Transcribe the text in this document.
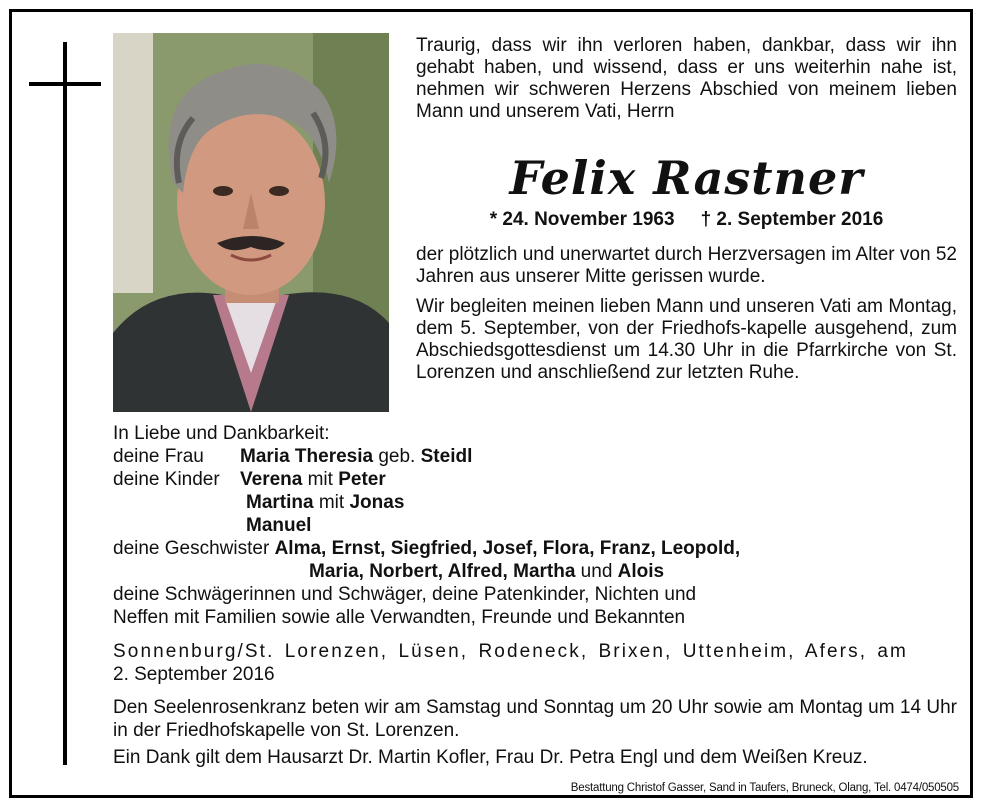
Traurig, dass wir ihn verloren haben, dankbar, dass wir ihn gehabt haben, und wissend, dass er uns weiterhin nahe ist, nehmen wir schweren Herzens Abschied von meinem lieben Mann und unserem Vati, Herrn
Felix Rastner
* 24. November 1963 † 2. September 2016
der plötzlich und unerwartet durch Herzversagen im Alter von 52 Jahren aus unserer Mitte gerissen wurde.
Wir begleiten meinen lieben Mann und unseren Vati am Montag, dem 5. September, von der Friedhofs-kapelle ausgehend, zum Abschiedsgottesdienst um 14.30 Uhr in die Pfarrkirche von St. Lorenzen und anschließend zur letzten Ruhe.
In Liebe und Dankbarkeit:
deine Frau	Maria Theresia geb. Steidl
deine Kinder	Verena mit Peter
Martina mit Jonas
Manuel
deine Geschwister Alma, Ernst, Siegfried, Josef, Flora, Franz, Leopold,
Maria, Norbert, Alfred, Martha und Alois
deine Schwägerinnen und Schwäger, deine Patenkinder, Nichten und
Neffen mit Familien sowie alle Verwandten, Freunde und Bekannten
Sonnenburg/St. Lorenzen, Lüsen, Rodeneck, Brixen, Uttenheim, Afers, am 2. September 2016
Den Seelenrosenkranz beten wir am Samstag und Sonntag um 20 Uhr sowie am Montag um 14 Uhr in der Friedhofskapelle von St. Lorenzen.
Ein Dank gilt dem Hausarzt Dr. Martin Kofler, Frau Dr. Petra Engl und dem Weißen Kreuz.
Bestattung Christof Gasser, Sand in Taufers, Bruneck, Olang, Tel. 0474/050505
